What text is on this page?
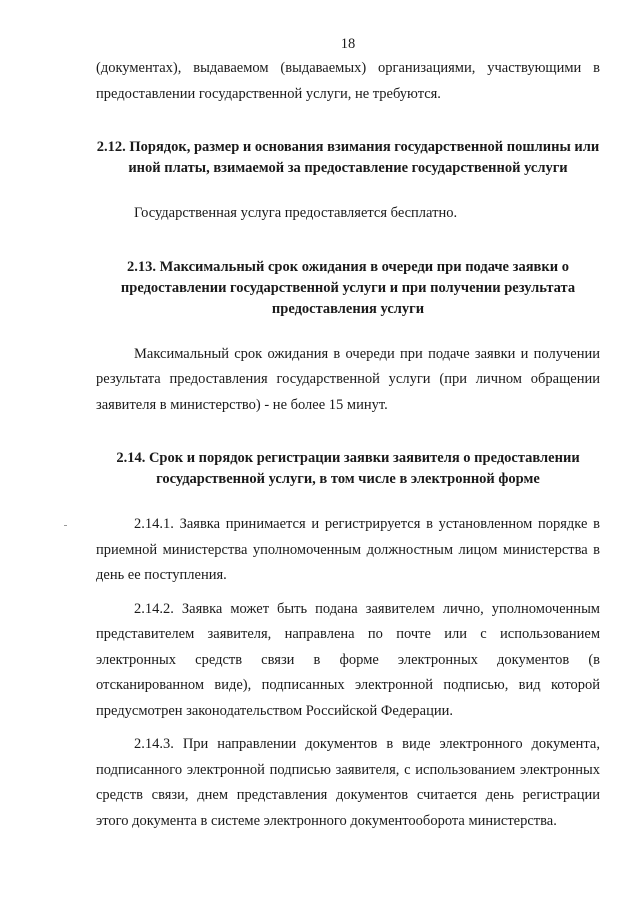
18

(документах), выдаваемом (выдаваемых) организациями, участвующими в предоставлении государственной услуги, не требуются.

2.12. Порядок, размер и основания взимания государственной пошлины или иной платы, взимаемой за предоставление государственной услуги

Государственная услуга предоставляется бесплатно.

2.13. Максимальный срок ожидания в очереди при подаче заявки о предоставлении государственной услуги и при получении результата предоставления услуги

Максимальный срок ожидания в очереди при подаче заявки и получении результата предоставления государственной услуги (при личном обращении заявителя в министерство) - не более 15 минут.

2.14. Срок и порядок регистрации заявки заявителя о предоставлении государственной услуги, в том числе в электронной форме

2.14.1. Заявка принимается и регистрируется в установленном порядке в приемной министерства уполномоченным должностным лицом министерства в день ее поступления.

2.14.2. Заявка может быть подана заявителем лично, уполномоченным представителем заявителя, направлена по почте или с использованием электронных средств связи в форме электронных документов (в отсканированном виде), подписанных электронной подписью, вид которой предусмотрен законодательством Российской Федерации.

2.14.3. При направлении документов в виде электронного документа, подписанного электронной подписью заявителя, с использованием электронных средств связи, днем представления документов считается день регистрации этого документа в системе электронного документооборота министерства.
